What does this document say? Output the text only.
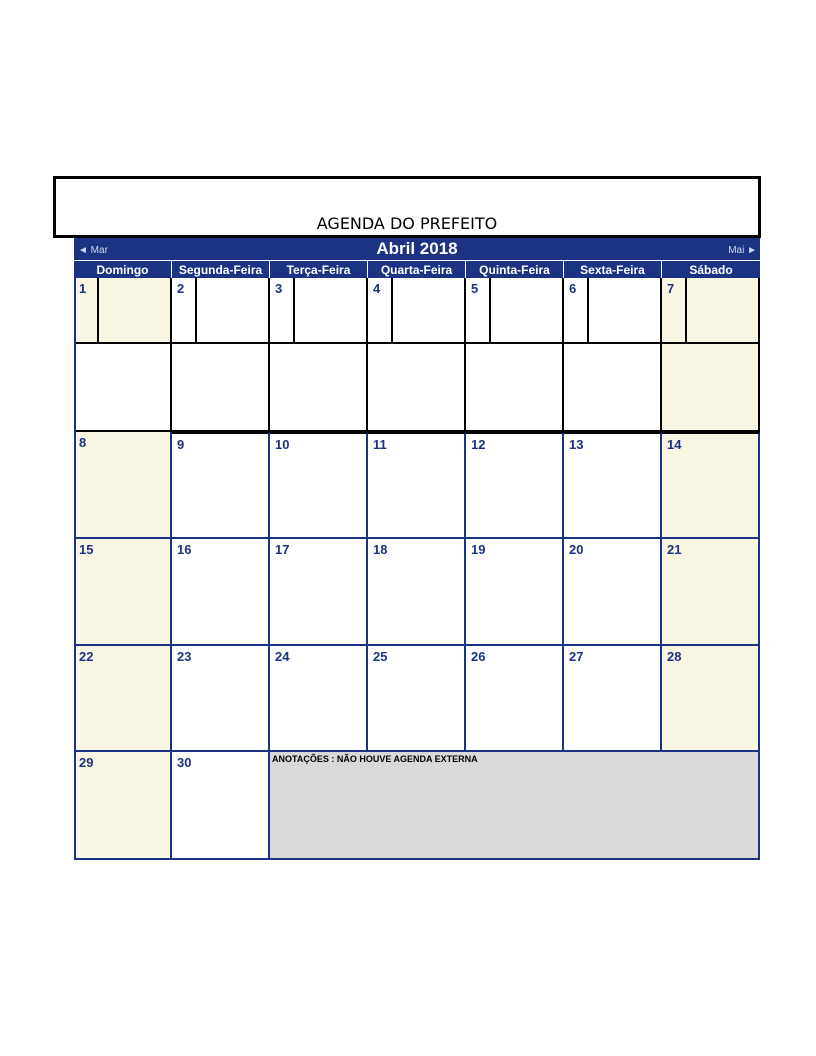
AGENDA DO PREFEITO
◄ Mar	Abril 2018	Mai ►
Domingo	Segunda-Feira	Terça-Feira	Quarta-Feira	Quinta-Feira	Sexta-Feira	Sábado
1	2	3	4	5	6	7
8	9	10	11	12	13	14
15	16	17	18	19	20	21
22	23	24	25	26	27	28
29	30	ANOTAÇÕES : NÃO HOUVE AGENDA EXTERNA
